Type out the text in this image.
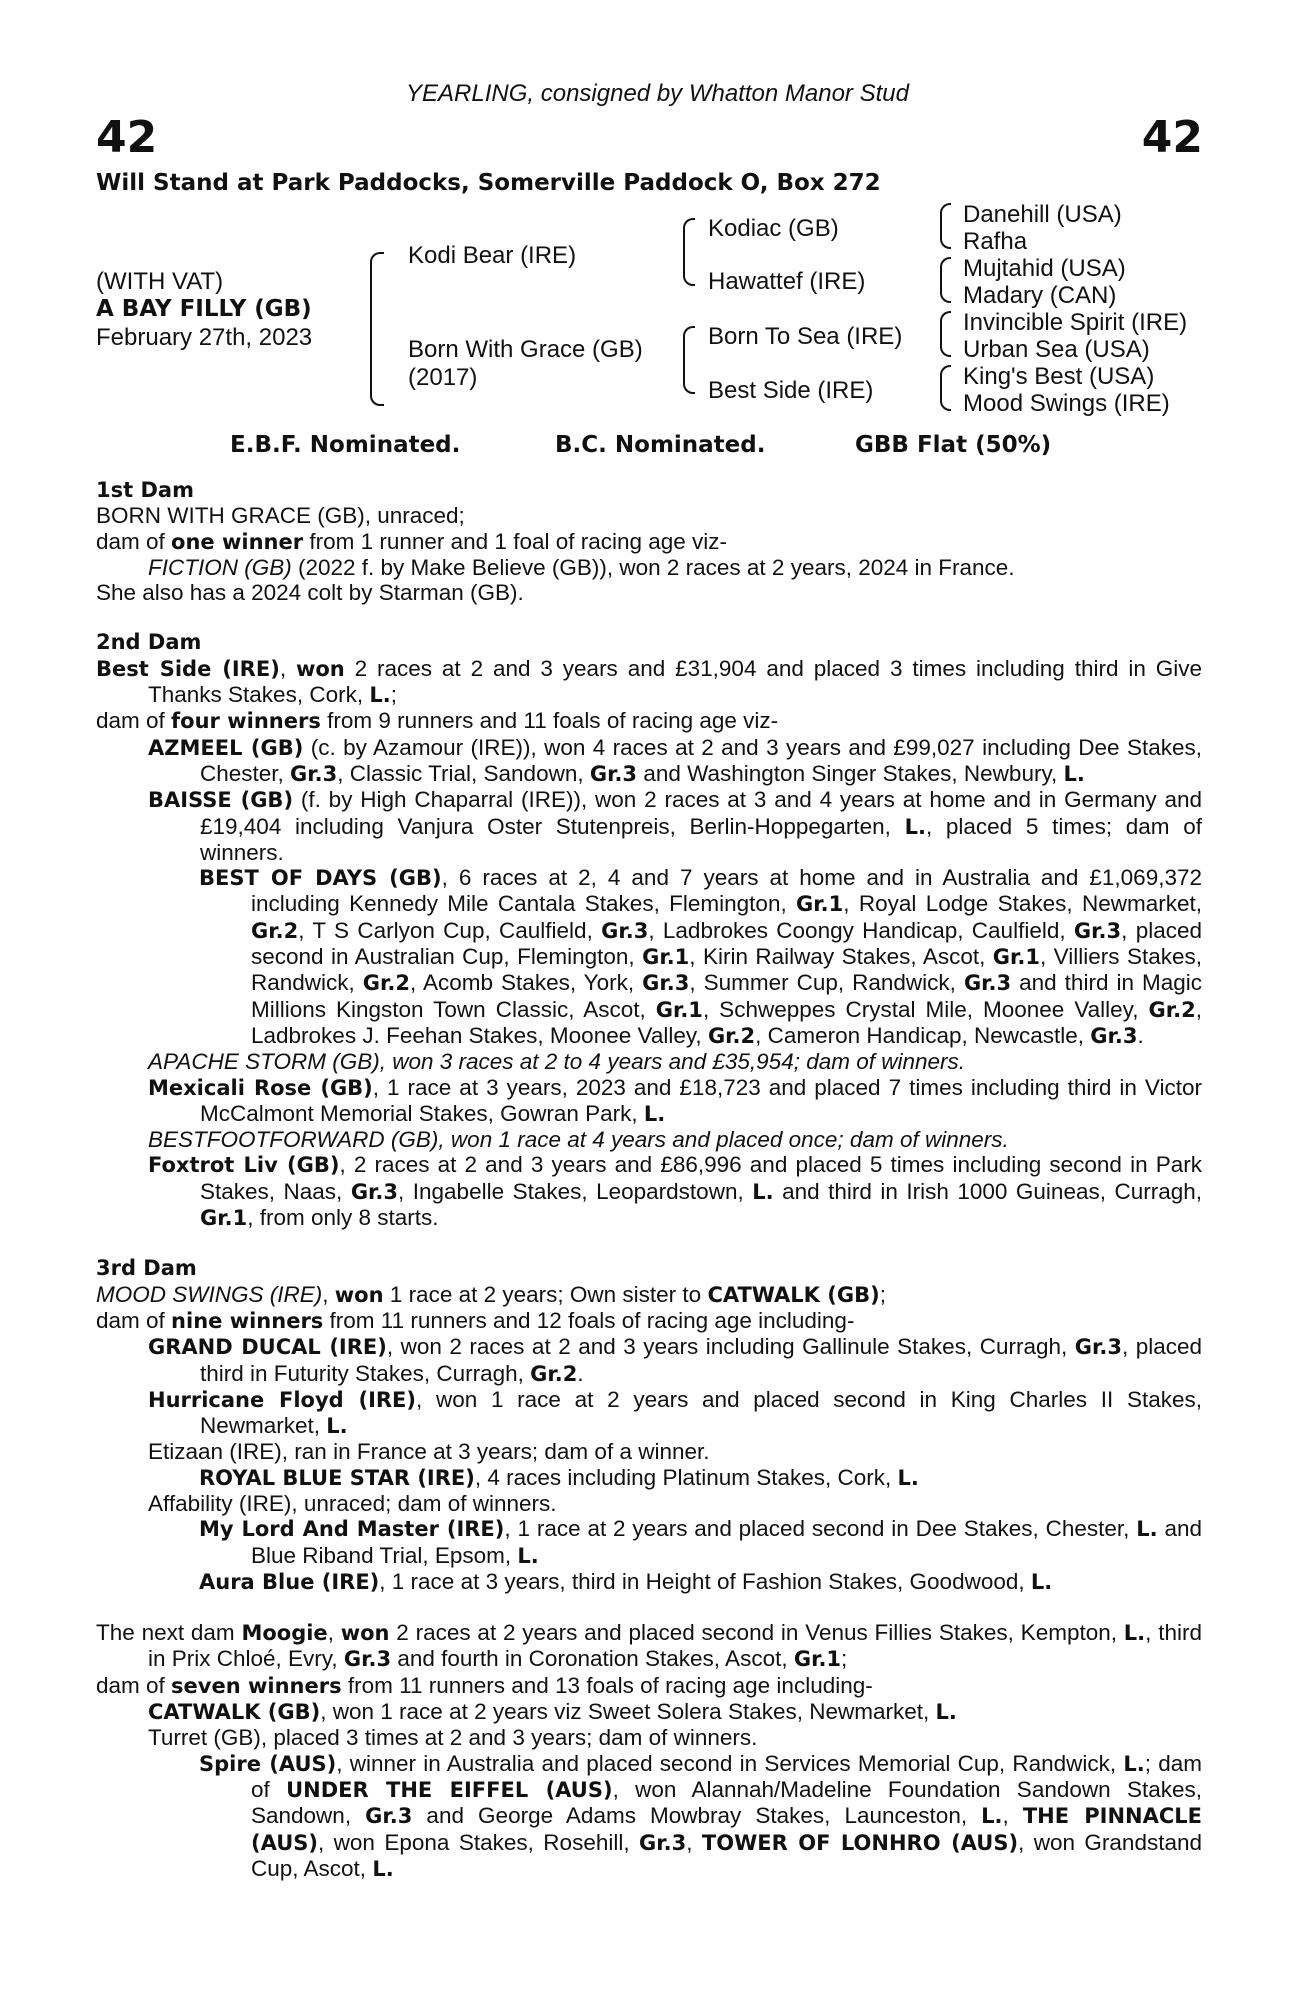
YEARLING, consigned by Whatton Manor Stud
42	42
Will Stand at Park Paddocks, Somerville Paddock O, Box 272
(WITH VAT)
A BAY FILLY (GB)
February 27th, 2023
Kodi Bear (IRE)
Born With Grace (GB)
(2017)
Kodiac (GB)
Hawattef (IRE)
Born To Sea (IRE)
Best Side (IRE)
Danehill (USA)
Rafha
Mujtahid (USA)
Madary (CAN)
Invincible Spirit (IRE)
Urban Sea (USA)
King's Best (USA)
Mood Swings (IRE)
E.B.F. Nominated.	B.C. Nominated.	GBB Flat (50%)

1st Dam

BORN WITH GRACE (GB), unraced;

dam of one winner from 1 runner and 1 foal of racing age viz-

FICTION (GB) (2022 f. by Make Believe (GB)), won 2 races at 2 years, 2024 in France.

She also has a 2024 colt by Starman (GB).

2nd Dam

Best Side (IRE), won 2 races at 2 and 3 years and £31,904 and placed 3 times including third in Give Thanks Stakes, Cork, L.;

dam of four winners from 9 runners and 11 foals of racing age viz-

AZMEEL (GB) (c. by Azamour (IRE)), won 4 races at 2 and 3 years and £99,027 including Dee Stakes, Chester, Gr.3, Classic Trial, Sandown, Gr.3 and Washington Singer Stakes, Newbury, L.

BAISSE (GB) (f. by High Chaparral (IRE)), won 2 races at 3 and 4 years at home and in Germany and £19,404 including Vanjura Oster Stutenpreis, Berlin-Hoppegarten, L., placed 5 times; dam of winners.

BEST OF DAYS (GB), 6 races at 2, 4 and 7 years at home and in Australia and £1,069,372 including Kennedy Mile Cantala Stakes, Flemington, Gr.1, Royal Lodge Stakes, Newmarket, Gr.2, T S Carlyon Cup, Caulfield, Gr.3, Ladbrokes Coongy Handicap, Caulfield, Gr.3, placed second in Australian Cup, Flemington, Gr.1, Kirin Railway Stakes, Ascot, Gr.1, Villiers Stakes, Randwick, Gr.2, Acomb Stakes, York, Gr.3, Summer Cup, Randwick, Gr.3 and third in Magic Millions Kingston Town Classic, Ascot, Gr.1, Schweppes Crystal Mile, Moonee Valley, Gr.2, Ladbrokes J. Feehan Stakes, Moonee Valley, Gr.2, Cameron Handicap, Newcastle, Gr.3.

APACHE STORM (GB), won 3 races at 2 to 4 years and £35,954; dam of winners.

Mexicali Rose (GB), 1 race at 3 years, 2023 and £18,723 and placed 7 times including third in Victor McCalmont Memorial Stakes, Gowran Park, L.

BESTFOOTFORWARD (GB), won 1 race at 4 years and placed once; dam of winners.

Foxtrot Liv (GB), 2 races at 2 and 3 years and £86,996 and placed 5 times including second in Park Stakes, Naas, Gr.3, Ingabelle Stakes, Leopardstown, L. and third in Irish 1000 Guineas, Curragh, Gr.1, from only 8 starts.

3rd Dam

MOOD SWINGS (IRE), won 1 race at 2 years; Own sister to CATWALK (GB);

dam of nine winners from 11 runners and 12 foals of racing age including-

GRAND DUCAL (IRE), won 2 races at 2 and 3 years including Gallinule Stakes, Curragh, Gr.3, placed third in Futurity Stakes, Curragh, Gr.2.

Hurricane Floyd (IRE), won 1 race at 2 years and placed second in King Charles II Stakes, Newmarket, L.

Etizaan (IRE), ran in France at 3 years; dam of a winner.

ROYAL BLUE STAR (IRE), 4 races including Platinum Stakes, Cork, L.

Affability (IRE), unraced; dam of winners.

My Lord And Master (IRE), 1 race at 2 years and placed second in Dee Stakes, Chester, L. and Blue Riband Trial, Epsom, L.

Aura Blue (IRE), 1 race at 3 years, third in Height of Fashion Stakes, Goodwood, L.

The next dam Moogie, won 2 races at 2 years and placed second in Venus Fillies Stakes, Kempton, L., third in Prix Chloé, Evry, Gr.3 and fourth in Coronation Stakes, Ascot, Gr.1;

dam of seven winners from 11 runners and 13 foals of racing age including-

CATWALK (GB), won 1 race at 2 years viz Sweet Solera Stakes, Newmarket, L.

Turret (GB), placed 3 times at 2 and 3 years; dam of winners.

Spire (AUS), winner in Australia and placed second in Services Memorial Cup, Randwick, L.; dam of UNDER THE EIFFEL (AUS), won Alannah/Madeline Foundation Sandown Stakes, Sandown, Gr.3 and George Adams Mowbray Stakes, Launceston, L., THE PINNACLE (AUS), won Epona Stakes, Rosehill, Gr.3, TOWER OF LONHRO (AUS), won Grandstand Cup, Ascot, L.
